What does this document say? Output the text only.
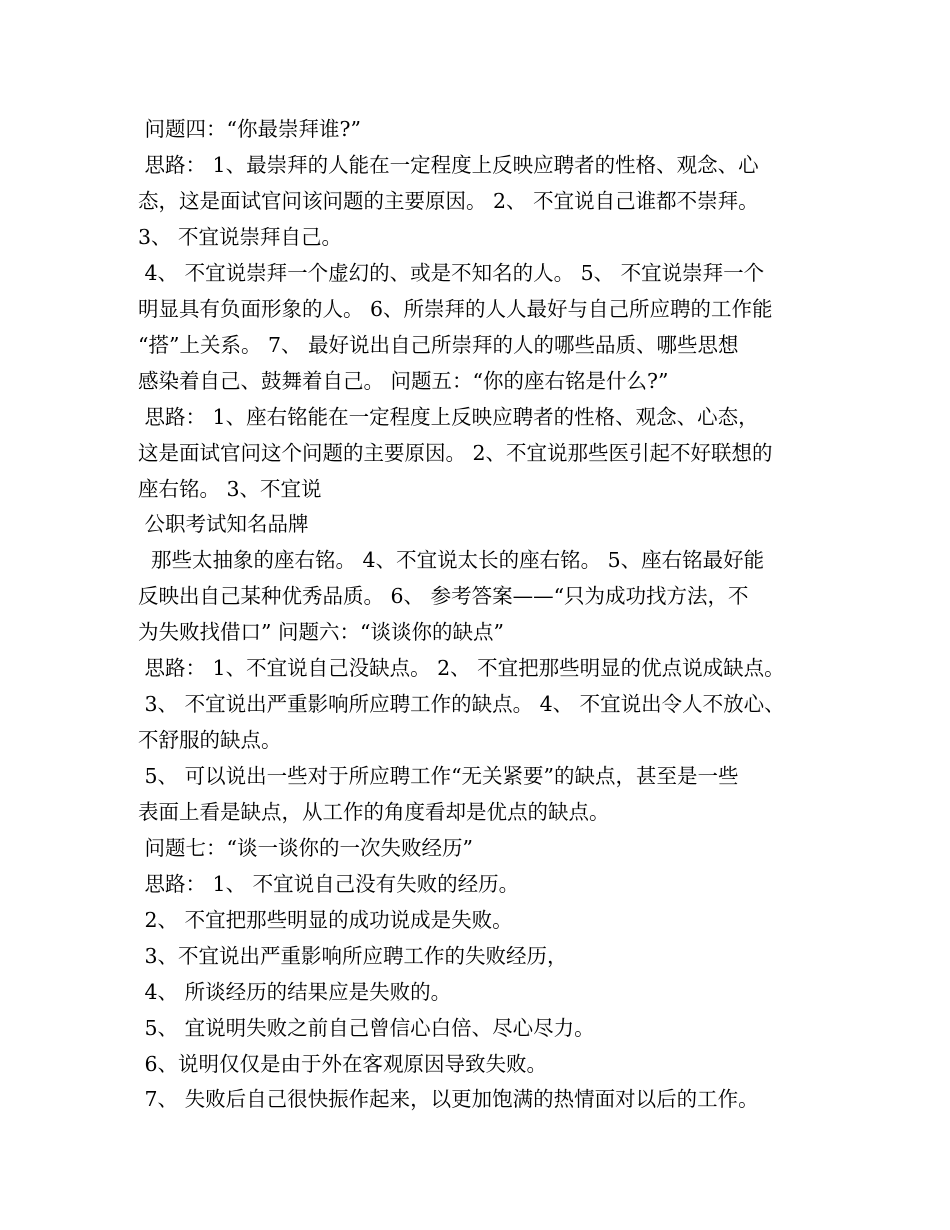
问题四：“你最崇拜谁?”
思路： 1、最崇拜的人能在一定程度上反映应聘者的性格、观念、心
态，这是面试官问该问题的主要原因。 2、 不宜说自己谁都不崇拜。
3、 不宜说崇拜自己。
4、 不宜说崇拜一个虚幻的、或是不知名的人。 5、 不宜说崇拜一个
明显具有负面形象的人。 6、所崇拜的人人最好与自己所应聘的工作能
“搭”上关系。 7、 最好说出自己所崇拜的人的哪些品质、哪些思想
感染着自己、鼓舞着自己。 问题五：“你的座右铭是什么?”
思路： 1、座右铭能在一定程度上反映应聘者的性格、观念、心态，
这是面试官问这个问题的主要原因。 2、不宜说那些医引起不好联想的
座右铭。 3、不宜说
公职考试知名品牌
那些太抽象的座右铭。 4、不宜说太长的座右铭。 5、座右铭最好能
反映出自己某种优秀品质。 6、 参考答案——“只为成功找方法，不
为失败找借口” 问题六：“谈谈你的缺点”
思路： 1、不宜说自己没缺点。 2、 不宜把那些明显的优点说成缺点。
3、 不宜说出严重影响所应聘工作的缺点。 4、 不宜说出令人不放心、
不舒服的缺点。
5、 可以说出一些对于所应聘工作“无关紧要”的缺点，甚至是一些
表面上看是缺点，从工作的角度看却是优点的缺点。
问题七：“谈一谈你的一次失败经历”
思路： 1、 不宜说自己没有失败的经历。
2、 不宜把那些明显的成功说成是失败。
3、不宜说出严重影响所应聘工作的失败经历，
4、 所谈经历的结果应是失败的。
5、 宜说明失败之前自己曾信心白倍、尽心尽力。
6、说明仅仅是由于外在客观原因导致失败。
7、 失败后自己很快振作起来，以更加饱满的热情面对以后的工作。
